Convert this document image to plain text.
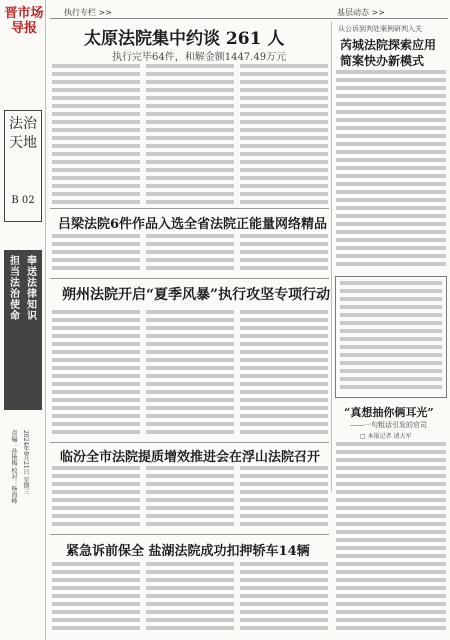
晋市场导报
法治天地
B 02
奉送法律知识
担当法治使命
责编：孙艳梅 校对：杨海峰 2024年8月21日 星期三
执行专栏 >>	基层动态 >>
太原法院集中约谈 261 人
执行完毕64件，和解金额1447.49万元
从公诉到判处案例研判入关
芮城法院探索应用
简案快办新模式
吕梁法院6件作品入选全省法院正能量网络精品
朔州法院开启“夏季风暴”执行攻坚专项行动
“真想抽你俩耳光”
——一句粗话引发的官司
□ 本报记者 请大军
临汾全市法院提质增效推进会在浮山法院召开
紧急诉前保全 盐湖法院成功扣押轿车14辆
